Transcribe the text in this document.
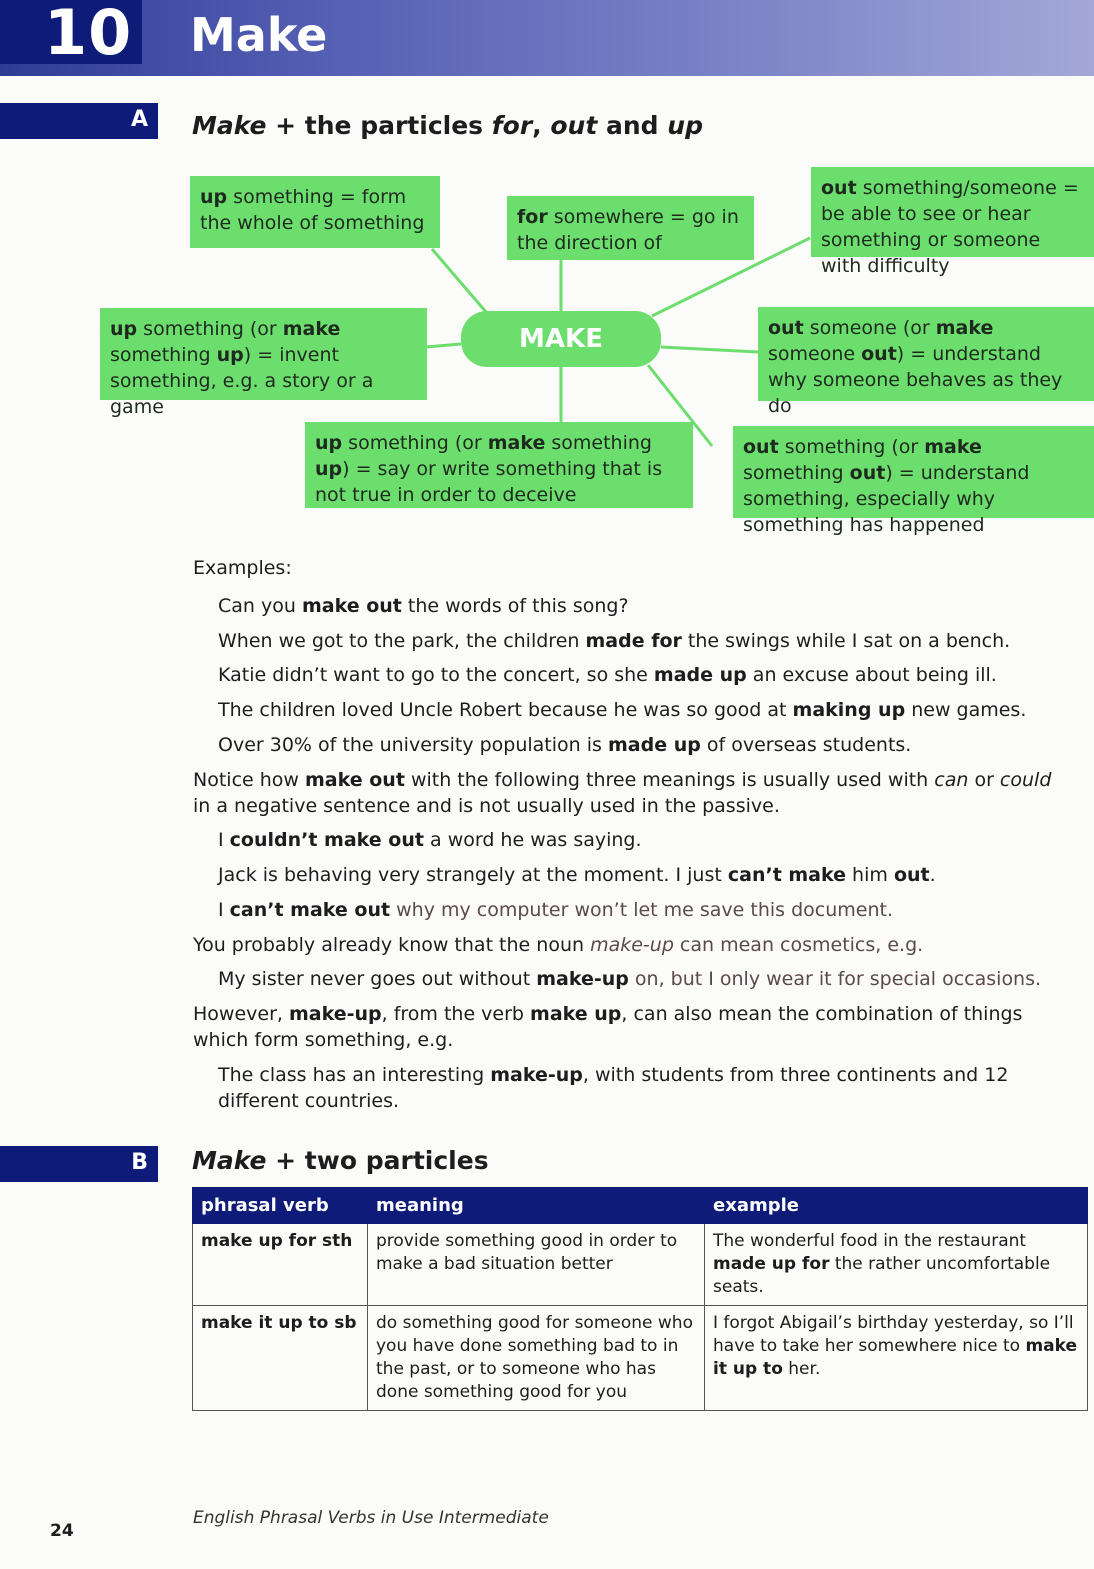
10 Make
A Make + the particles for, out and up
up something = form the whole of something	for somewhere = go in the direction of
out something/someone = be able to see or hear something or someone with difficulty
up something (or make something up) = invent something, e.g. a story or a game
MAKE	out someone (or make someone out) = understand why someone behaves as they do
up something (or make something up) = say or write something that is not true in order to deceive
out something (or make something out) = understand something, especially why something has happened
Examples:
Can you make out the words of this song?
When we got to the park, the children made for the swings while I sat on a bench.
Katie didn’t want to go to the concert, so she made up an excuse about being ill.
The children loved Uncle Robert because he was so good at making up new games.
Over 30% of the university population is made up of overseas students.
Notice how make out with the following three meanings is usually used with can or could in a negative sentence and is not usually used in the passive.
I couldn’t make out a word he was saying.
Jack is behaving very strangely at the moment. I just can’t make him out.
I can’t make out why my computer won’t let me save this document.
You probably already know that the noun make-up can mean cosmetics, e.g.
My sister never goes out without make-up on, but I only wear it for special occasions.
However, make-up, from the verb make up, can also mean the combination of things which form something, e.g.
The class has an interesting make-up, with students from three continents and 12 different countries.
B Make + two particles
phrasal verb	meaning	example
make up for sth	provide something good in order to make a bad situation better	The wonderful food in the restaurant made up for the rather uncomfortable seats.
make it up to sb	do something good for someone who you have done something bad to in the past, or to someone who has done something good for you	I forgot Abigail’s birthday yesterday, so I’ll have to take her somewhere nice to make it up to her.
24
English Phrasal Verbs in Use Intermediate
